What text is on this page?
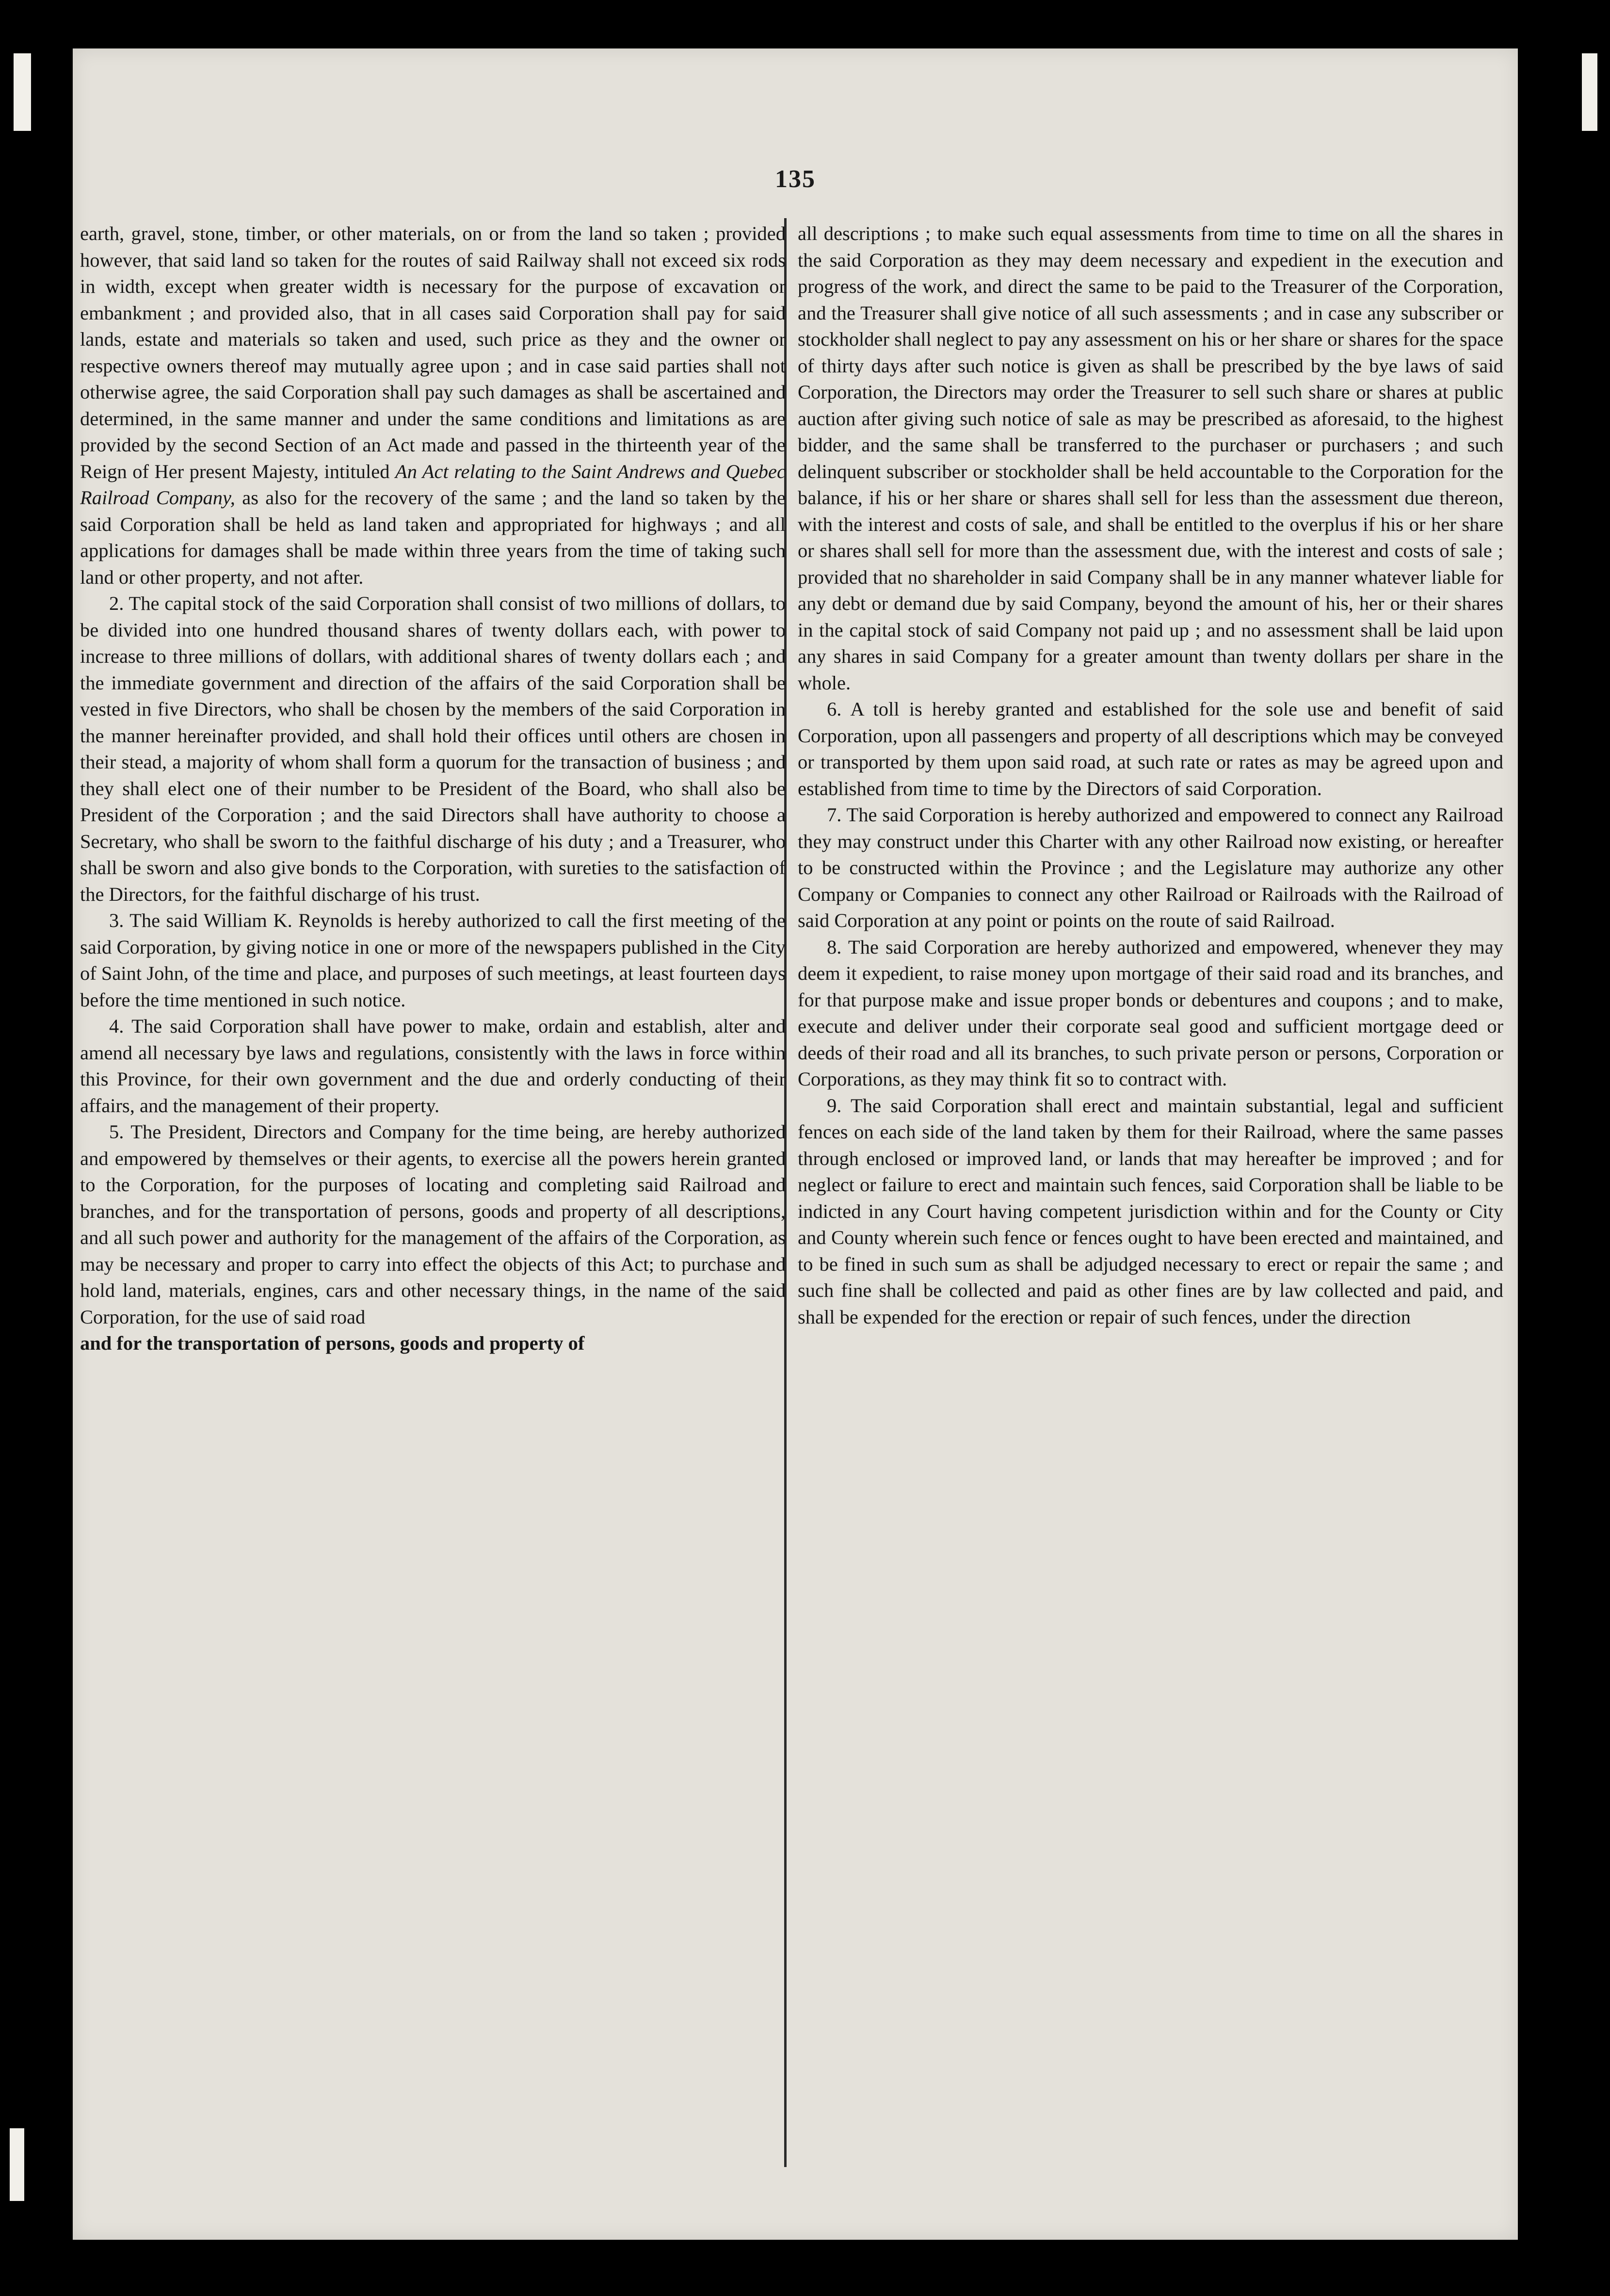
135

earth, gravel, stone, timber, or other materials, on or from the land so taken ; provided however, that said land so taken for the routes of said Railway shall not exceed six rods in width, except when greater width is necessary for the purpose of excavation or embankment ; and provided also, that in all cases said Corporation shall pay for said lands, estate and materials so taken and used, such price as they and the owner or respective owners thereof may mutually agree upon ; and in case said parties shall not otherwise agree, the said Corporation shall pay such damages as shall be ascertained and determined, in the same manner and under the same conditions and limitations as are provided by the second Section of an Act made and passed in the thirteenth year of the Reign of Her present Majesty, intituled An Act relating to the Saint Andrews and Quebec Railroad Company, as also for the recovery of the same ; and the land so taken by the said Corporation shall be held as land taken and appropriated for highways ; and all applications for damages shall be made within three years from the time of taking such land or other property, and not after.

2. The capital stock of the said Corporation shall consist of two millions of dollars, to be divided into one hundred thousand shares of twenty dollars each, with power to increase to three millions of dollars, with additional shares of twenty dollars each ; and the immediate government and direction of the affairs of the said Corporation shall be vested in five Directors, who shall be chosen by the members of the said Corporation in the manner hereinafter provided, and shall hold their offices until others are chosen in their stead, a majority of whom shall form a quorum for the transaction of business ; and they shall elect one of their number to be President of the Board, who shall also be President of the Corporation ; and the said Directors shall have authority to choose a Secretary, who shall be sworn to the faithful discharge of his duty ; and a Treasurer, who shall be sworn and also give bonds to the Corporation, with sureties to the satisfaction of the Directors, for the faithful discharge of his trust.

3. The said William K. Reynolds is hereby authorized to call the first meeting of the said Corporation, by giving notice in one or more of the newspapers published in the City of Saint John, of the time and place, and purposes of such meetings, at least fourteen days before the time mentioned in such notice.

4. The said Corporation shall have power to make, ordain and establish, alter and amend all necessary bye laws and regulations, consistently with the laws in force within this Province, for their own government and the due and orderly conducting of their affairs, and the management of their property.

5. The President, Directors and Company for the time being, are hereby authorized and empowered by themselves or their agents, to exercise all the powers herein granted to the Corporation, for the purposes of locating and completing said Railroad and branches, and for the transportation of persons, goods and property of all descriptions, and all such power and authority for the management of the affairs of the Corporation, as may be necessary and proper to carry into effect the objects of this Act; to purchase and hold land, materials, engines, cars and other necessary things, in the name of the said Corporation, for the use of said road

and for the transportation of persons, goods and property of

all descriptions ; to make such equal assessments from time to time on all the shares in the said Corporation as they may deem necessary and expedient in the execution and progress of the work, and direct the same to be paid to the Treasurer of the Corporation, and the Treasurer shall give notice of all such assessments ; and in case any subscriber or stockholder shall neglect to pay any assessment on his or her share or shares for the space of thirty days after such notice is given as shall be prescribed by the bye laws of said Corporation, the Directors may order the Treasurer to sell such share or shares at public auction after giving such notice of sale as may be prescribed as aforesaid, to the highest bidder, and the same shall be transferred to the purchaser or purchasers ; and such delinquent subscriber or stockholder shall be held accountable to the Corporation for the balance, if his or her share or shares shall sell for less than the assessment due thereon, with the interest and costs of sale, and shall be entitled to the overplus if his or her share or shares shall sell for more than the assessment due, with the interest and costs of sale ; provided that no shareholder in said Company shall be in any manner whatever liable for any debt or demand due by said Company, beyond the amount of his, her or their shares in the capital stock of said Company not paid up ; and no assessment shall be laid upon any shares in said Company for a greater amount than twenty dollars per share in the whole.

6. A toll is hereby granted and established for the sole use and benefit of said Corporation, upon all passengers and property of all descriptions which may be conveyed or transported by them upon said road, at such rate or rates as may be agreed upon and established from time to time by the Directors of said Corporation.

7. The said Corporation is hereby authorized and empowered to connect any Railroad they may construct under this Charter with any other Railroad now existing, or hereafter to be constructed within the Province ; and the Legislature may authorize any other Company or Companies to connect any other Railroad or Railroads with the Railroad of said Corporation at any point or points on the route of said Railroad.

8. The said Corporation are hereby authorized and empowered, whenever they may deem it expedient, to raise money upon mortgage of their said road and its branches, and for that purpose make and issue proper bonds or debentures and coupons ; and to make, execute and deliver under their corporate seal good and sufficient mortgage deed or deeds of their road and all its branches, to such private person or persons, Corporation or Corporations, as they may think fit so to contract with.

9. The said Corporation shall erect and maintain substantial, legal and sufficient fences on each side of the land taken by them for their Railroad, where the same passes through enclosed or improved land, or lands that may hereafter be improved ; and for neglect or failure to erect and maintain such fences, said Corporation shall be liable to be indicted in any Court having competent jurisdiction within and for the County or City and County wherein such fence or fences ought to have been erected and maintained, and to be fined in such sum as shall be adjudged necessary to erect or repair the same ; and such fine shall be collected and paid as other fines are by law collected and paid, and shall be expended for the erection or repair of such fences, under the direction
